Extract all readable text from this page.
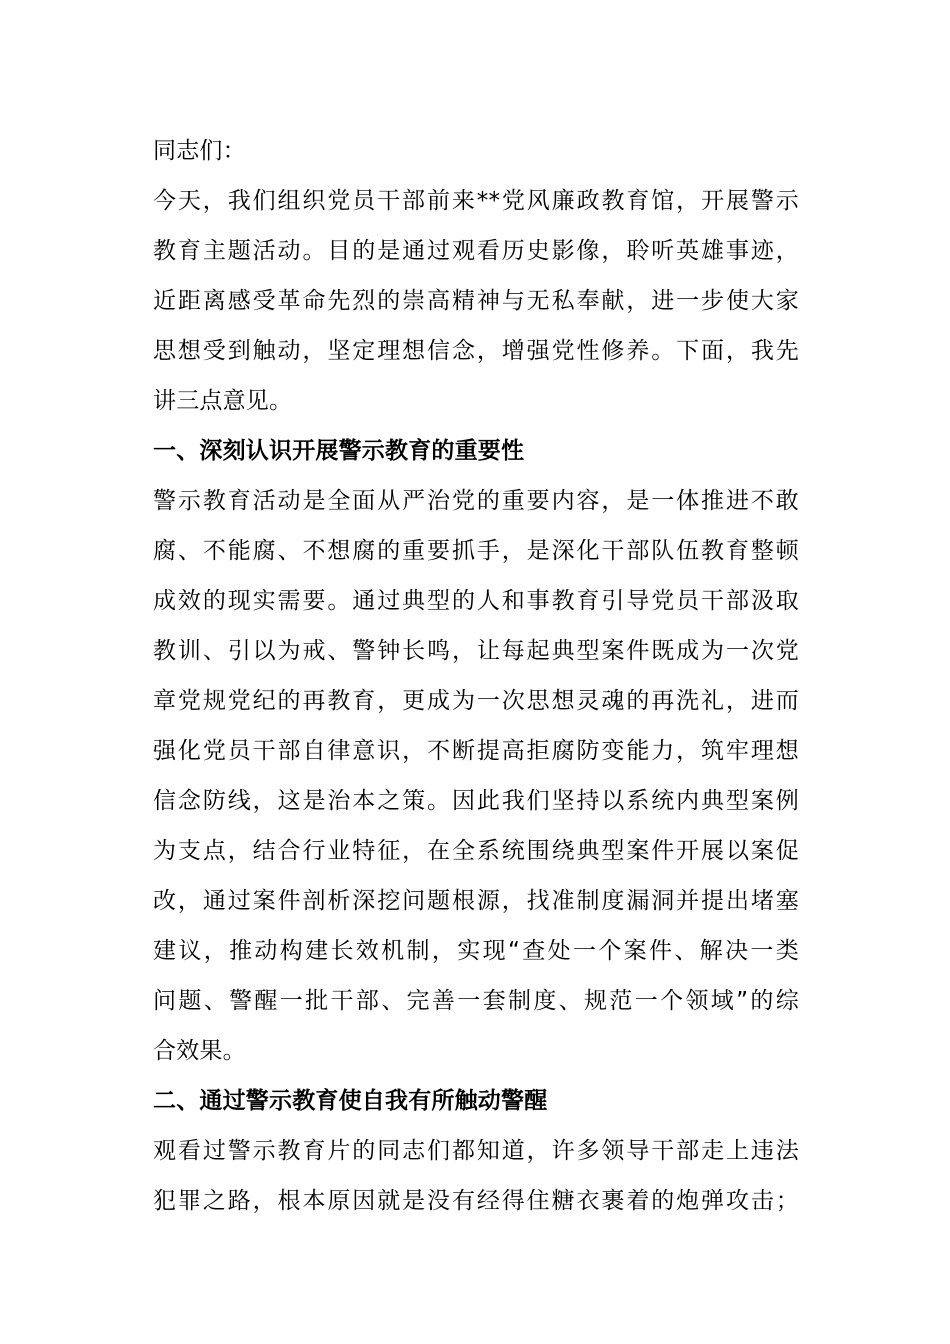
同志们：
今天，我们组织党员干部前来**党风廉政教育馆，开展警示
教育主题活动。目的是通过观看历史影像，聆听英雄事迹，
近距离感受革命先烈的崇高精神与无私奉献，进一步使大家
思想受到触动，坚定理想信念，增强党性修养。下面，我先
讲三点意见。
一、深刻认识开展警示教育的重要性
警示教育活动是全面从严治党的重要内容，是一体推进不敢
腐、不能腐、不想腐的重要抓手，是深化干部队伍教育整顿
成效的现实需要。通过典型的人和事教育引导党员干部汲取
教训、引以为戒、警钟长鸣，让每起典型案件既成为一次党
章党规党纪的再教育，更成为一次思想灵魂的再洗礼，进而
强化党员干部自律意识，不断提高拒腐防变能力，筑牢理想
信念防线，这是治本之策。因此我们坚持以系统内典型案例
为支点，结合行业特征，在全系统围绕典型案件开展以案促
改，通过案件剖析深挖问题根源，找准制度漏洞并提出堵塞
建议，推动构建长效机制，实现“查处一个案件、解决一类
问题、警醒一批干部、完善一套制度、规范一个领域”的综
合效果。
二、通过警示教育使自我有所触动警醒
观看过警示教育片的同志们都知道，许多领导干部走上违法
犯罪之路，根本原因就是没有经得住糖衣裹着的炮弹攻击；
